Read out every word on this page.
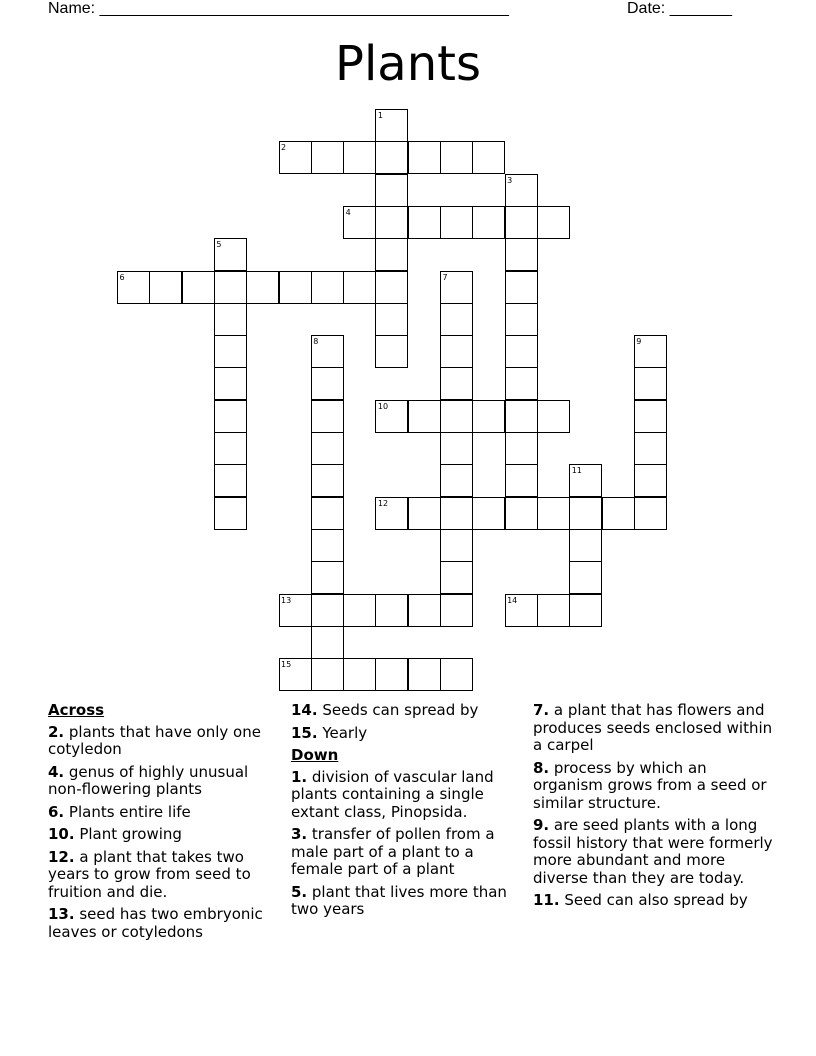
Name: ______________________________________________	Date: _______
Plants
1
2
3
4
5
6	7
8	9
10
11
12
13	14
15
Across
2. plants that have only one cotyledon
4. genus of highly unusual non-flowering plants
6. Plants entire life
10. Plant growing
12. a plant that takes two years to grow from seed to fruition and die.
13. seed has two embryonic leaves or cotyledons
14. Seeds can spread by
15. Yearly
Down
1. division of vascular land plants containing a single extant class, Pinopsida.
3. transfer of pollen from a male part of a plant to a female part of a plant
5. plant that lives more than two years
7. a plant that has flowers and produces seeds enclosed within a carpel
8. process by which an organism grows from a seed or similar structure.
9. are seed plants with a long fossil history that were formerly more abundant and more diverse than they are today.
11. Seed can also spread by
